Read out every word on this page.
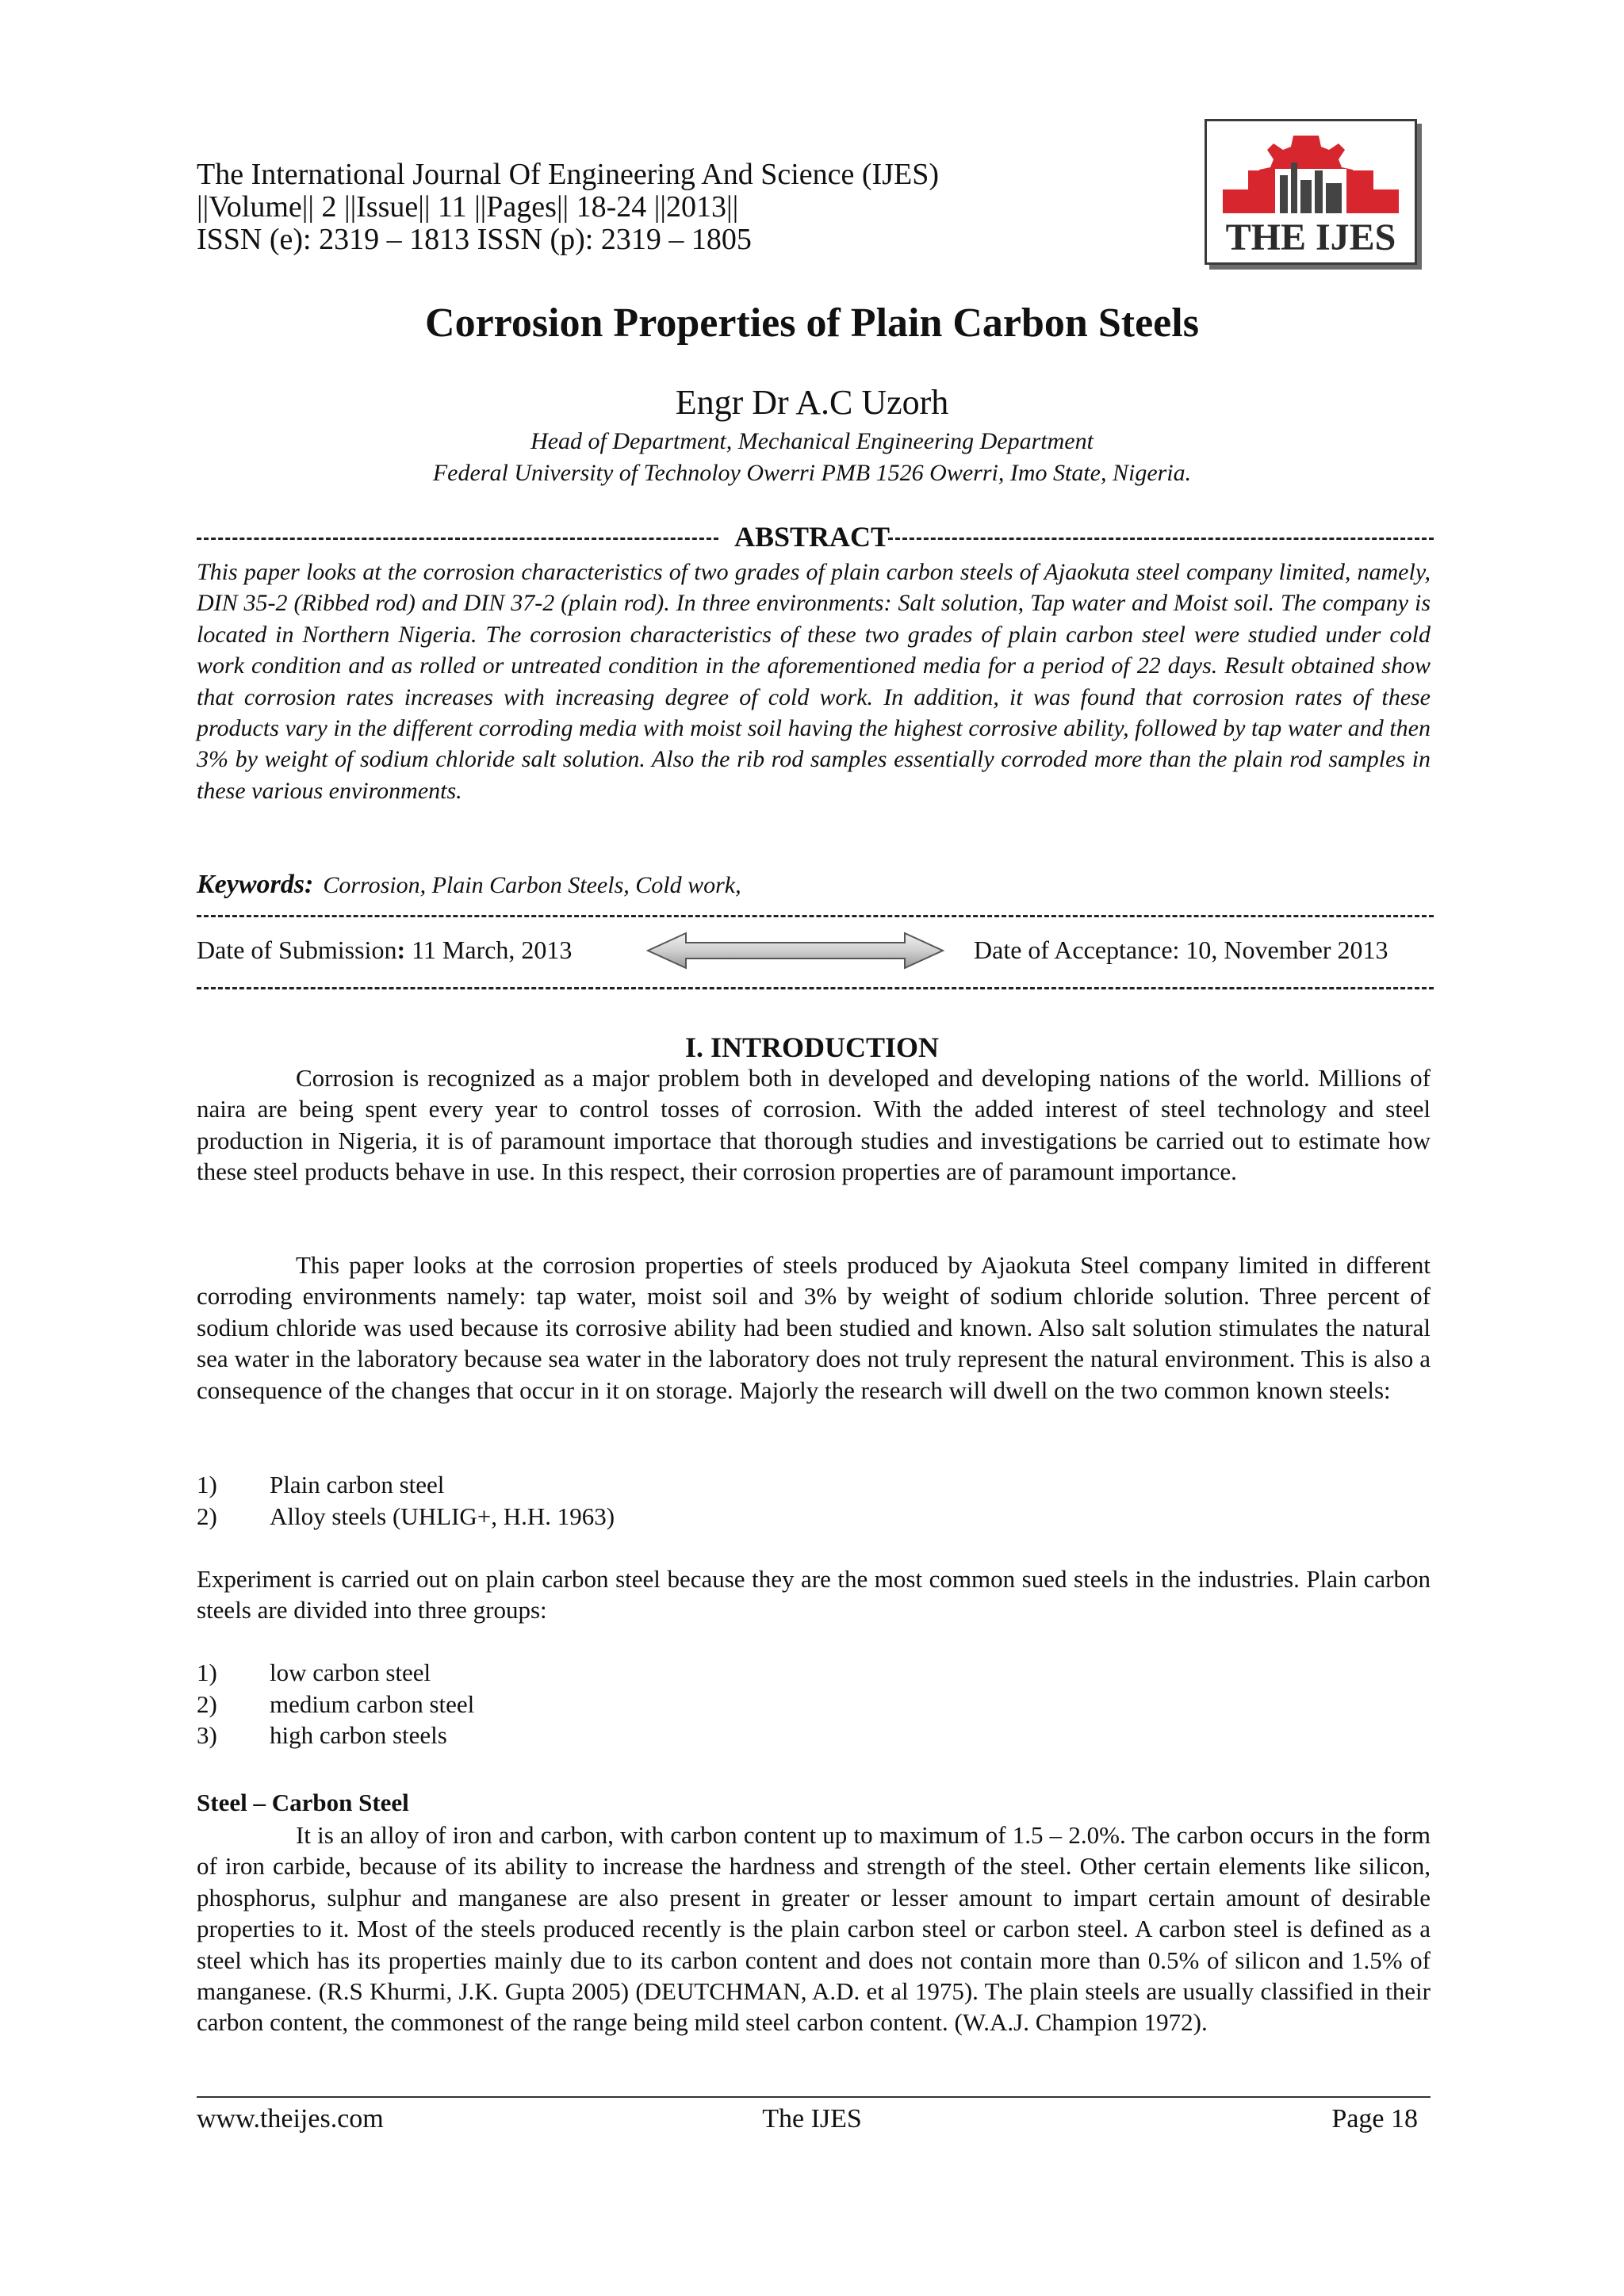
The International Journal Of Engineering And Science (IJES)
||Volume|| 2 ||Issue|| 11 ||Pages|| 18-24 ||2013||
ISSN (e): 2319 – 1813 ISSN (p): 2319 – 1805	THE IJES
Corrosion Properties of Plain Carbon Steels
Engr Dr A.C Uzorh
Head of Department, Mechanical Engineering Department
Federal University of Technoloy Owerri PMB 1526 Owerri, Imo State, Nigeria.
ABSTRACT
This paper looks at the corrosion characteristics of two grades of plain carbon steels of Ajaokuta steel company limited, namely, DIN 35-2 (Ribbed rod) and DIN 37-2 (plain rod). In three environments: Salt solution, Tap water and Moist soil. The company is located in Northern Nigeria. The corrosion characteristics of these two grades of plain carbon steel were studied under cold work condition and as rolled or untreated condition in the aforementioned media for a period of 22 days. Result obtained show that corrosion rates increases with increasing degree of cold work. In addition, it was found that corrosion rates of these products vary in the different corroding media with moist soil having the highest corrosive ability, followed by tap water and then 3% by weight of sodium chloride salt solution. Also the rib rod samples essentially corroded more than the plain rod samples in these various environments.
Keywords: Corrosion, Plain Carbon Steels, Cold work,
Date of Submission: 11 March, 2013	Date of Acceptance: 10, November 2013
I. INTRODUCTION
Corrosion is recognized as a major problem both in developed and developing nations of the world. Millions of naira are being spent every year to control tosses of corrosion. With the added interest of steel technology and steel production in Nigeria, it is of paramount importace that thorough studies and investigations be carried out to estimate how these steel products behave in use. In this respect, their corrosion properties are of paramount importance.
This paper looks at the corrosion properties of steels produced by Ajaokuta Steel company limited in different corroding environments namely: tap water, moist soil and 3% by weight of sodium chloride solution. Three percent of sodium chloride was used because its corrosive ability had been studied and known. Also salt solution stimulates the natural sea water in the laboratory because sea water in the laboratory does not truly represent the natural environment. This is also a consequence of the changes that occur in it on storage. Majorly the research will dwell on the two common known steels:
1)	Plain carbon steel
2)	Alloy steels (UHLIG+, H.H. 1963)
Experiment is carried out on plain carbon steel because they are the most common sued steels in the industries. Plain carbon steels are divided into three groups:
1)	low carbon steel
2)	medium carbon steel
3)	high carbon steels
Steel – Carbon Steel
It is an alloy of iron and carbon, with carbon content up to maximum of 1.5 – 2.0%. The carbon occurs in the form of iron carbide, because of its ability to increase the hardness and strength of the steel. Other certain elements like silicon, phosphorus, sulphur and manganese are also present in greater or lesser amount to impart certain amount of desirable properties to it. Most of the steels produced recently is the plain carbon steel or carbon steel. A carbon steel is defined as a steel which has its properties mainly due to its carbon content and does not contain more than 0.5% of silicon and 1.5% of manganese. (R.S Khurmi, J.K. Gupta 2005) (DEUTCHMAN, A.D. et al 1975). The plain steels are usually classified in their carbon content, the commonest of the range being mild steel carbon content. (W.A.J. Champion 1972).
www.theijes.com	The IJES	Page 18
